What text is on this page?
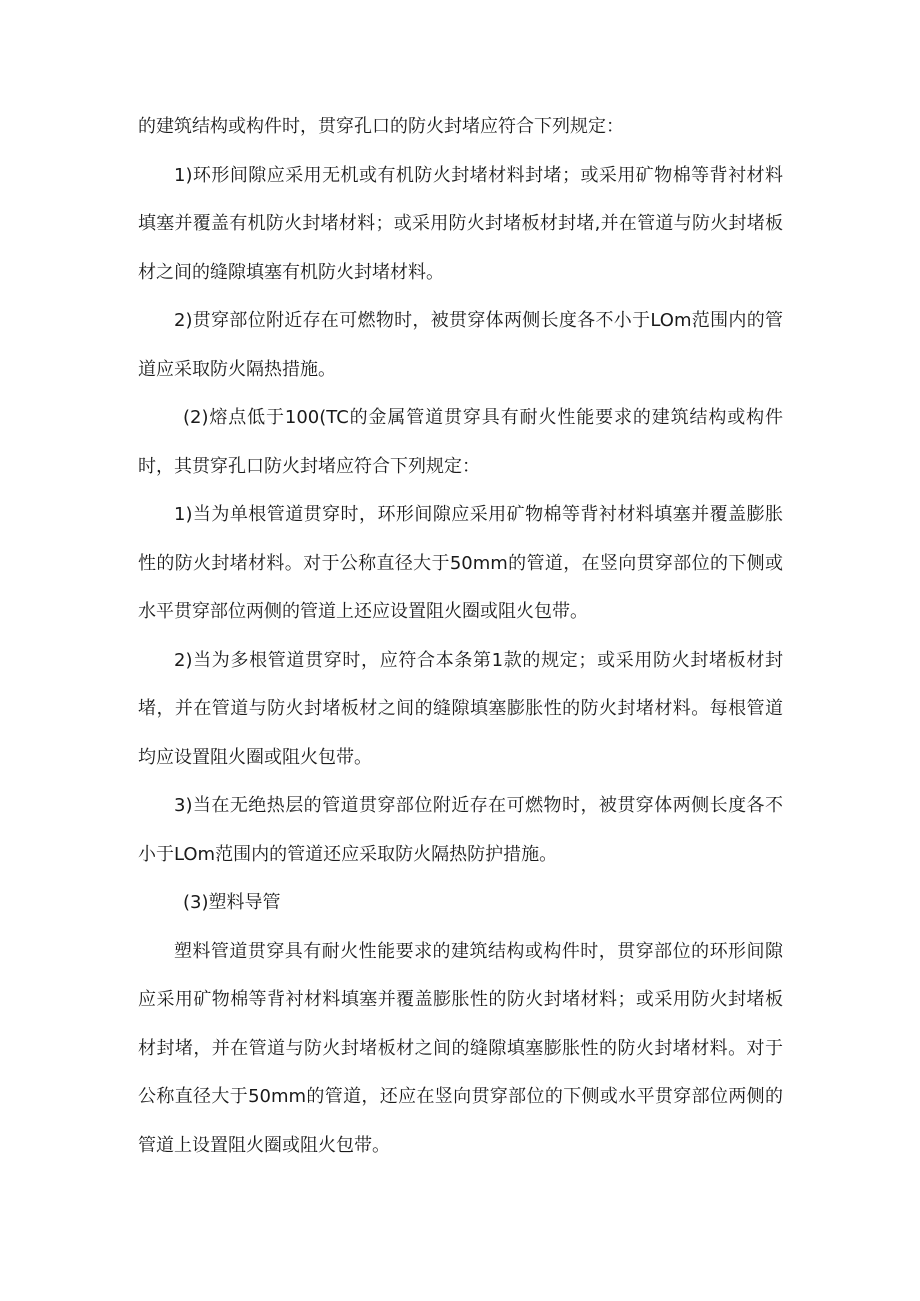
的建筑结构或构件时，贯穿孔口的防火封堵应符合下列规定：

1)环形间隙应采用无机或有机防火封堵材料封堵；或采用矿物棉等背衬材料填塞并覆盖有机防火封堵材料；或采用防火封堵板材封堵,并在管道与防火封堵板材之间的缝隙填塞有机防火封堵材料。

2)贯穿部位附近存在可燃物时，被贯穿体两侧长度各不小于LOm范围内的管道应采取防火隔热措施。

(2)熔点低于100(TC的金属管道贯穿具有耐火性能要求的建筑结构或构件时，其贯穿孔口防火封堵应符合下列规定：

1)当为单根管道贯穿时，环形间隙应采用矿物棉等背衬材料填塞并覆盖膨胀性的防火封堵材料。对于公称直径大于50mm的管道，在竖向贯穿部位的下侧或水平贯穿部位两侧的管道上还应设置阻火圈或阻火包带。

2)当为多根管道贯穿时，应符合本条第1款的规定；或采用防火封堵板材封堵，并在管道与防火封堵板材之间的缝隙填塞膨胀性的防火封堵材料。每根管道均应设置阻火圈或阻火包带。

3)当在无绝热层的管道贯穿部位附近存在可燃物时，被贯穿体两侧长度各不小于LOm范围内的管道还应采取防火隔热防护措施。

(3)塑料导管

塑料管道贯穿具有耐火性能要求的建筑结构或构件时，贯穿部位的环形间隙应采用矿物棉等背衬材料填塞并覆盖膨胀性的防火封堵材料；或采用防火封堵板材封堵，并在管道与防火封堵板材之间的缝隙填塞膨胀性的防火封堵材料。对于公称直径大于50mm的管道，还应在竖向贯穿部位的下侧或水平贯穿部位两侧的管道上设置阻火圈或阻火包带。
